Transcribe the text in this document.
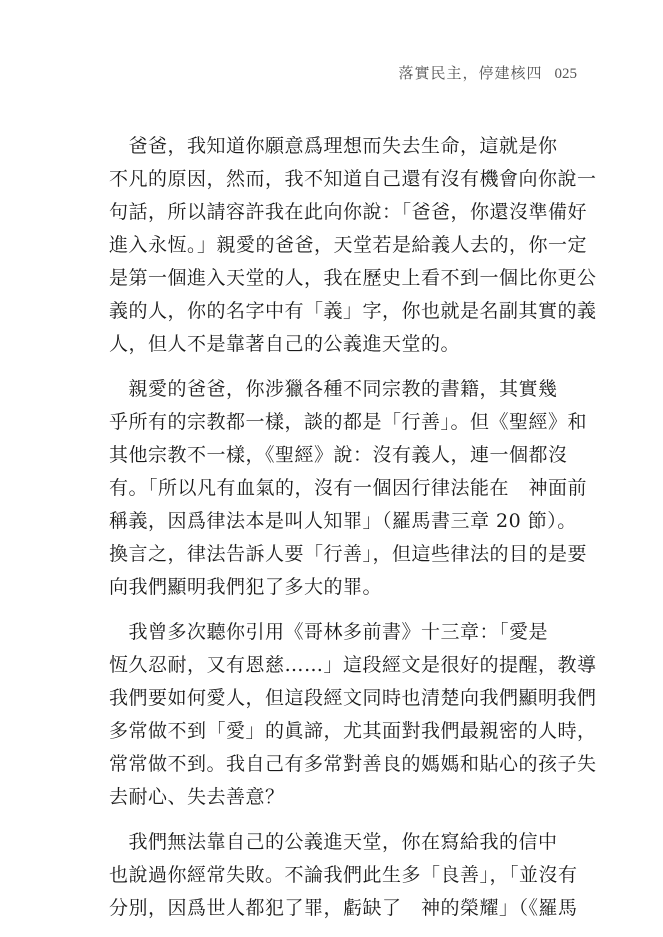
落實民主，停建核四 025
　爸爸，我知道你願意爲理想而失去生命，這就是你
不凡的原因，然而，我不知道自己還有沒有機會向你說一
句話，所以請容許我在此向你說：「爸爸，你還沒準備好
進入永恆。」親愛的爸爸，天堂若是給義人去的，你一定
是第一個進入天堂的人，我在歷史上看不到一個比你更公
義的人，你的名字中有「義」字，你也就是名副其實的義
人，但人不是靠著自己的公義進天堂的。
　親愛的爸爸，你涉獵各種不同宗教的書籍，其實幾
乎所有的宗教都一樣，談的都是「行善」。但《聖經》和
其他宗教不一樣，《聖經》說：沒有義人，連一個都沒
有。「所以凡有血氣的，沒有一個因行律法能在　神面前
稱義，因爲律法本是叫人知罪」（羅馬書三章 20 節）。
換言之，律法告訴人要「行善」，但這些律法的目的是要
向我們顯明我們犯了多大的罪。
　我曾多次聽你引用《哥林多前書》十三章：「愛是
恆久忍耐，又有恩慈……」這段經文是很好的提醒，教導
我們要如何愛人，但這段經文同時也清楚向我們顯明我們
多常做不到「愛」的眞諦，尤其面對我們最親密的人時，
常常做不到。我自己有多常對善良的媽媽和貼心的孩子失
去耐心、失去善意？
　我們無法靠自己的公義進天堂，你在寫給我的信中
也說過你經常失敗。不論我們此生多「良善」，「並沒有
分別，因爲世人都犯了罪，虧缺了　神的榮耀」（《羅馬
